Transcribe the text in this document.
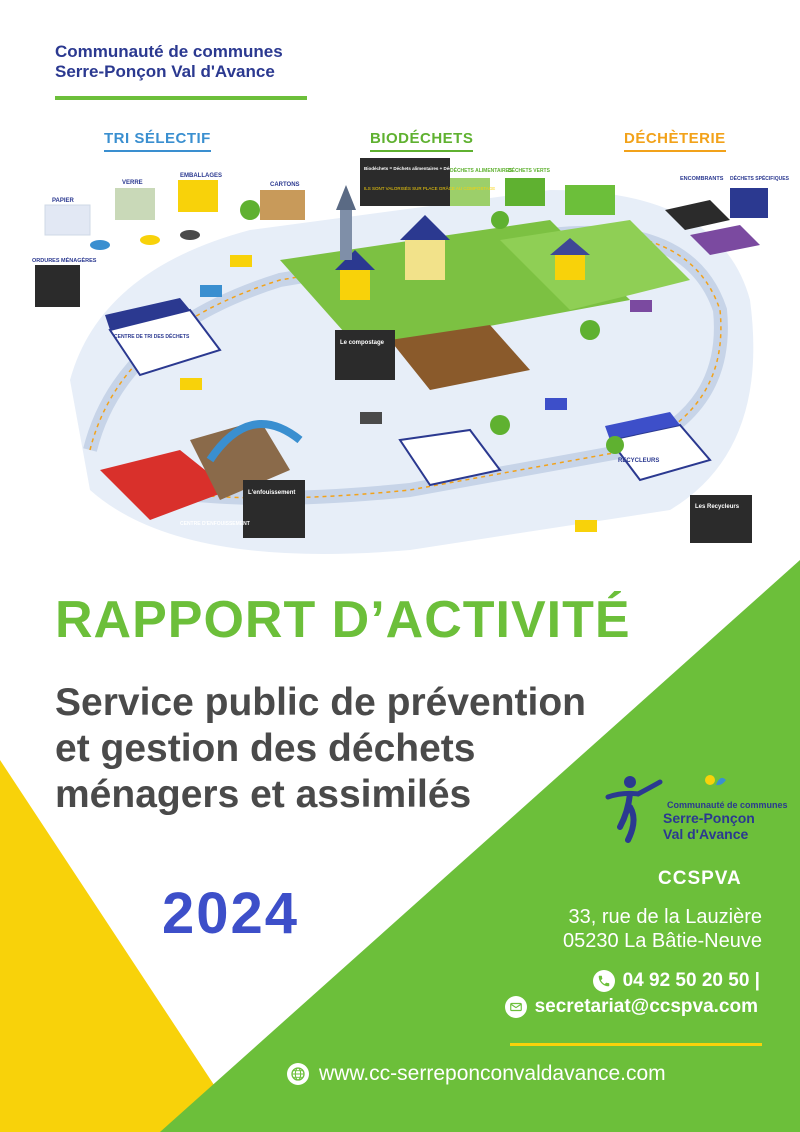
Communauté de communes
Serre-Ponçon Val d'Avance
TRI SÉLECTIF	BIODÉCHETS	DÉCHÈTERIE
VERRE
EMBALLAGES
CARTONS
PAPIER
ORDURES MÉNAGÈRES
Biodéchets = Déchets alimentaires + Déchets verts
ILS SONT VALORISÉS SUR PLACE GRÂCE AU COMPOSTAGE
DÉCHETS ALIMENTAIRES
DÉCHETS VERTS
BROYAGE sur place	ENCOMBRANTS DÉCHETS SPÉCIFIQUES
CENTRE DE TRI DES DÉCHETS
Le compostage
L'enfouissement
CENTRE D'ENFOUISSEMENT
RECYCLEURS
Les Recycleurs
RAPPORT D’ACTIVITÉ
Service public de prévention
et gestion des déchets
ménagers et assimilés
2024
Communauté de communes
Serre-Ponçon
Val d'Avance
CCSPVA
33, rue de la Lauzière
05230 La Bâtie-Neuve
04 92 50 20 50 |
secretariat@ccspva.com
www.cc-serreponconvaldavance.com
